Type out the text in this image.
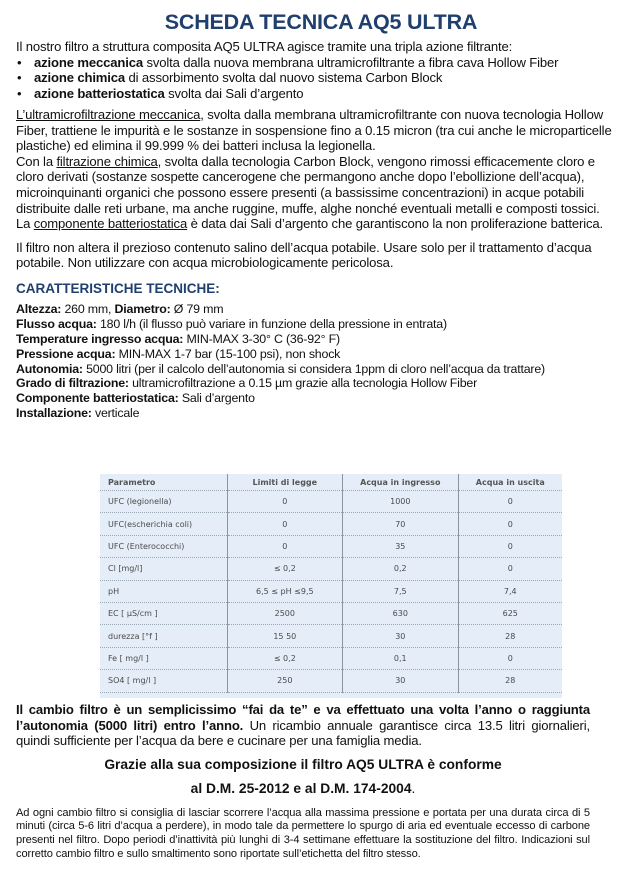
SCHEDA TECNICA AQ5 ULTRA

Il nostro filtro a struttura composita AQ5 ULTRA agisce tramite una tripla azione filtrante:

• azione meccanica svolta dalla nuova membrana ultramicrofiltrante a fibra cava Hollow Fiber
• azione chimica di assorbimento svolta dal nuovo sistema Carbon Block
• azione batteriostatica svolta dai Sali d’argento

L’ultramicrofiltrazione meccanica, svolta dalla membrana ultramicrofiltrante con nuova tecnologia Hollow Fiber, trattiene le impurità e le sostanze in sospensione fino a 0.15 micron (tra cui anche le microparticelle plastiche) ed elimina il 99.999 % dei batteri inclusa la legionella.

Con la filtrazione chimica, svolta dalla tecnologia Carbon Block, vengono rimossi efficacemente cloro e cloro derivati (sostanze sospette cancerogene che permangono anche dopo l’ebollizione dell’acqua), microinquinanti organici che possono essere presenti (a bassissime concentrazioni) in acque potabili distribuite dalle reti urbane, ma anche ruggine, muffe, alghe nonché eventuali metalli e composti tossici.

La componente batteriostatica è data dai Sali d’argento che garantiscono la non proliferazione batterica.

Il filtro non altera il prezioso contenuto salino dell’acqua potabile. Usare solo per il trattamento d’acqua potabile. Non utilizzare con acqua microbiologicamente pericolosa.

CARATTERISTICHE TECNICHE:
Altezza: 260 mm, Diametro: Ø 79 mm
Flusso acqua: 180 l/h (il flusso può variare in funzione della pressione in entrata)
Temperature ingresso acqua: MIN-MAX 3-30° C (36-92° F)
Pressione acqua: MIN-MAX 1-7 bar (15-100 psi), non shock
Autonomia: 5000 litri (per il calcolo dell’autonomia si considera 1ppm di cloro nell’acqua da trattare)
Grado di filtrazione: ultramicrofiltrazione a 0.15 µm grazie alla tecnologia Hollow Fiber
Componente batteriostatica: Sali d’argento
Installazione: verticale
Parametro	Limiti di legge	Acqua in ingresso	Acqua in uscita
UFC (legionella)	0	1000	0
UFC(escherichia coli)	0	70	0
UFC (Enterococchi)	0	35	0
Cl [mg/l]	≤ 0,2	0,2	0
pH	6,5 ≤ pH ≤9,5	7,5	7,4
EC [ µS/cm ]	2500	630	625
durezza [°f ]	15 50	30	28
Fe [ mg/l ]	≤ 0,2	0,1	0
SO4 [ mg/l ]	250	30	28

Il cambio filtro è un semplicissimo “fai da te” e va effettuato una volta l’anno o raggiunta l’autonomia (5000 litri) entro l’anno. Un ricambio annuale garantisce circa 13.5 litri giornalieri, quindi sufficiente per l’acqua da bere e cucinare per una famiglia media.

Grazie alla sua composizione il filtro AQ5 ULTRA è conforme
al D.M. 25-2012 e al D.M. 174-2004.

Ad ogni cambio filtro si consiglia di lasciar scorrere l’acqua alla massima pressione e portata per una durata circa di 5 minuti (circa 5-6 litri d’acqua a perdere), in modo tale da permettere lo spurgo di aria ed eventuale eccesso di carbone presenti nel filtro. Dopo periodi d’inattività più lunghi di 3-4 settimane effettuare la sostituzione del filtro. Indicazioni sul corretto cambio filtro e sullo smaltimento sono riportate sull’etichetta del filtro stesso.
